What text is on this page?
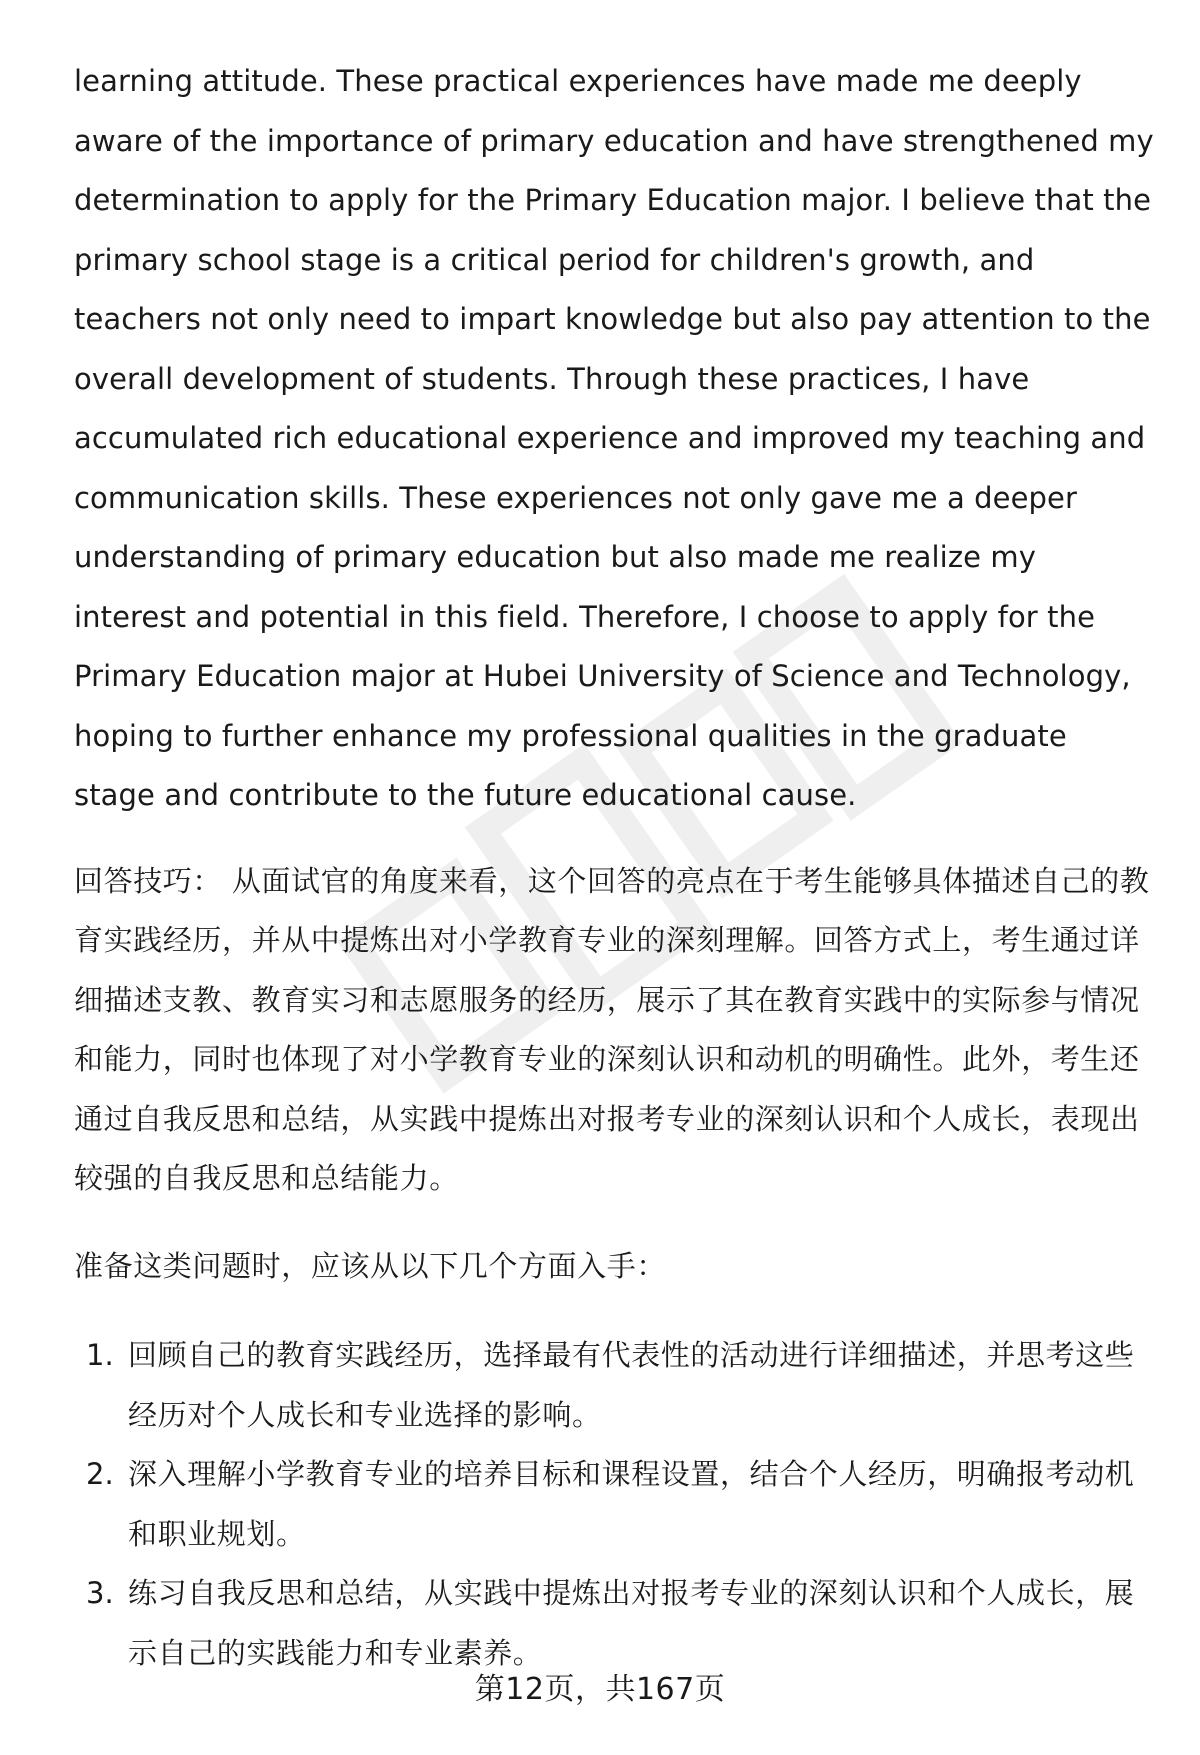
learning attitude. These practical experiences have made me deeply aware of the importance of primary education and have strengthened my determination to apply for the Primary Education major. I believe that the primary school stage is a critical period for children's growth, and teachers not only need to impart knowledge but also pay attention to the overall development of students. Through these practices, I have accumulated rich educational experience and improved my teaching and communication skills. These experiences not only gave me a deeper understanding of primary education but also made me realize my interest and potential in this field. Therefore, I choose to apply for the Primary Education major at Hubei University of Science and Technology, hoping to further enhance my professional qualities in the graduate stage and contribute to the future educational cause.

回答技巧： 从面试官的角度来看，这个回答的亮点在于考生能够具体描述自己的教育实践经历，并从中提炼出对小学教育专业的深刻理解。回答方式上，考生通过详细描述支教、教育实习和志愿服务的经历，展示了其在教育实践中的实际参与情况和能力，同时也体现了对小学教育专业的深刻认识和动机的明确性。此外，考生还通过自我反思和总结，从实践中提炼出对报考专业的深刻认识和个人成长，表现出较强的自我反思和总结能力。

准备这类问题时，应该从以下几个方面入手：

1. 回顾自己的教育实践经历，选择最有代表性的活动进行详细描述，并思考这些经历对个人成长和专业选择的影响。

2. 深入理解小学教育专业的培养目标和课程设置，结合个人经历，明确报考动机和职业规划。

3. 练习自我反思和总结，从实践中提炼出对报考专业的深刻认识和个人成长，展示自己的实践能力和专业素养。

第12页，共167页
